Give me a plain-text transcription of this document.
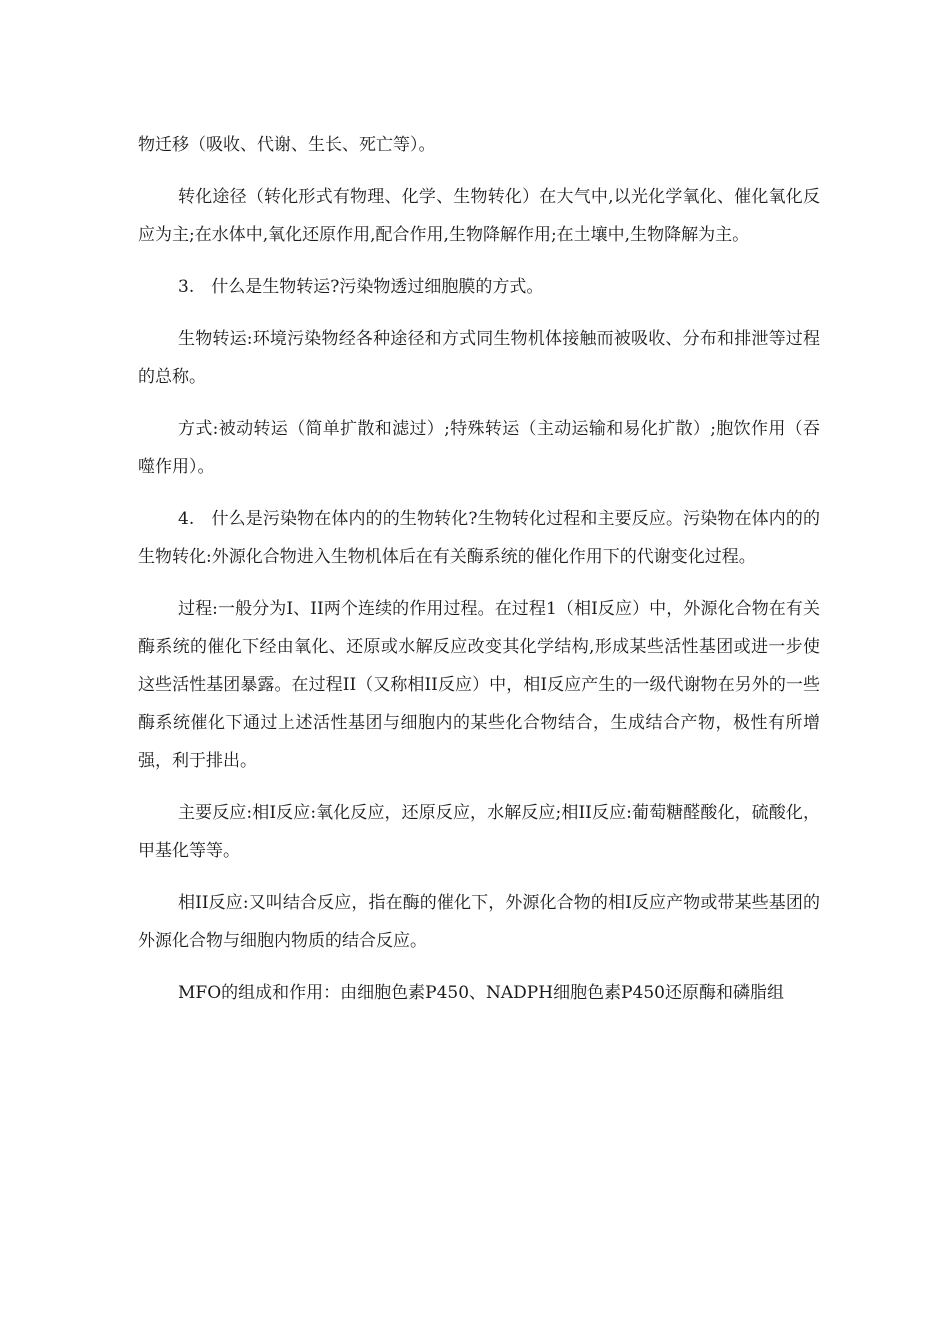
物迁移（吸收、代谢、生长、死亡等）。

转化途径（转化形式有物理、化学、生物转化）在大气中,以光化学氧化、催化氧化反应为主;在水体中,氧化还原作用,配合作用,生物降解作用;在土壤中,生物降解为主。

3.　什么是生物转运?污染物透过细胞膜的方式。

生物转运:环境污染物经各种途径和方式同生物机体接触而被吸收、分布和排泄等过程的总称。

方式:被动转运（简单扩散和滤过）;特殊转运（主动运输和易化扩散）;胞饮作用（吞噬作用）。

4.　什么是污染物在体内的的生物转化?生物转化过程和主要反应。污染物在体内的的生物转化:外源化合物进入生物机体后在有关酶系统的催化作用下的代谢变化过程。

过程:一般分为I、II两个连续的作用过程。在过程1（相I反应）中，外源化合物在有关酶系统的催化下经由氧化、还原或水解反应改变其化学结构,形成某些活性基团或进一步使这些活性基团暴露。在过程II（又称相II反应）中，相I反应产生的一级代谢物在另外的一些酶系统催化下通过上述活性基团与细胞内的某些化合物结合，生成结合产物，极性有所增强，利于排出。

主要反应:相I反应:氧化反应，还原反应，水解反应;相II反应:葡萄糖醛酸化，硫酸化，甲基化等等。

相II反应:又叫结合反应，指在酶的催化下，外源化合物的相I反应产物或带某些基团的外源化合物与细胞内物质的结合反应。

MFO的组成和作用：由细胞色素P450、NADPH细胞色素P450还原酶和磷脂组
